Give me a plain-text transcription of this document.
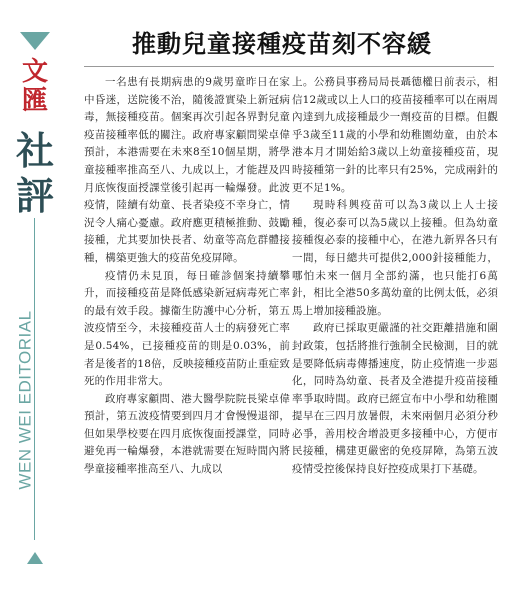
文匯
社評
WEN WEI EDITORIAL
推動兒童接種疫苗刻不容緩

一名患有長期病患的9歲男童昨日在家中昏迷，送院後不治，隨後證實染上新冠病毒，無接種疫苗。個案再次引起各界對兒童疫苗接種率低的關注。政府專家顧問梁卓偉預計，本港需要在未來8至10個星期，將學童接種率推高至八、九成以上，才能趕及四月底恢復面授課堂後引起再一輪爆發。此波疫情，陸續有幼童、長者染疫不幸身亡，情況令人痛心憂慮。政府應更積極推動、鼓勵接種，尤其要加快長者、幼童等高危群體接種，構築更強大的疫苗免疫屏障。

疫情仍未見頂，每日確診個案持續攀升，而接種疫苗是降低感染新冠病毒死亡率的最有效手段。據衞生防護中心分析，第五波疫情至今，未接種疫苗人士的病發死亡率是0.54%，已接種疫苗的則是0.03%，前者是後者的18倍，反映接種疫苗防止重症致死的作用非常大。

政府專家顧問、港大醫學院院長梁卓偉預計，第五波疫情要到四月才會慢慢退卻，但如果學校要在四月底恢復面授課堂，同時避免再一輪爆發，本港就需要在短時間內將學童接種率推高至八、九成以

上。公務員事務局局長聶德權日前表示，相信12歲或以上人口的疫苗接種率可以在兩周內達到九成接種最少一劑疫苗的目標。但觀乎3歲至11歲的小學和幼稚園幼童，由於本港本月才開始給3歲以上幼童接種疫苗，現時接種第一針的比率只有25%，完成兩針的更不足1%。

現時科興疫苗可以為3歲以上人士接種，復必泰可以為5歲以上接種。但為幼童接種復必泰的接種中心，在港九新界各只有一間，每日總共可提供2,000針接種能力，哪怕未來一個月全部約滿，也只能打6萬針，相比全港50多萬幼童的比例太低，必須馬上增加接種設施。

政府已採取更嚴謹的社交距離措施和圍封政策，包括將推行強制全民檢測，目的就是要降低病毒傳播速度，防止疫情進一步惡化，同時為幼童、長者及全港提升疫苗接種率爭取時間。政府已經宣布中小學和幼稚園提早在三四月放暑假，未來兩個月必須分秒必爭，善用校舍增設更多接種中心，方便市民接種，構建更嚴密的免疫屏障，為第五波疫情受控後保持良好控疫成果打下基礎。
